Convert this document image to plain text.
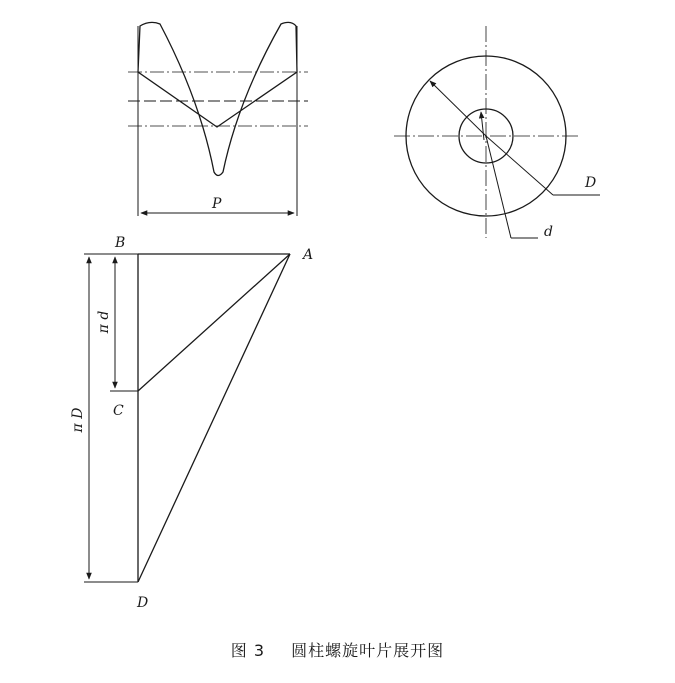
P
D
d
A
B
C
D
π d
π D
图 3 圆柱螺旋叶片展开图
